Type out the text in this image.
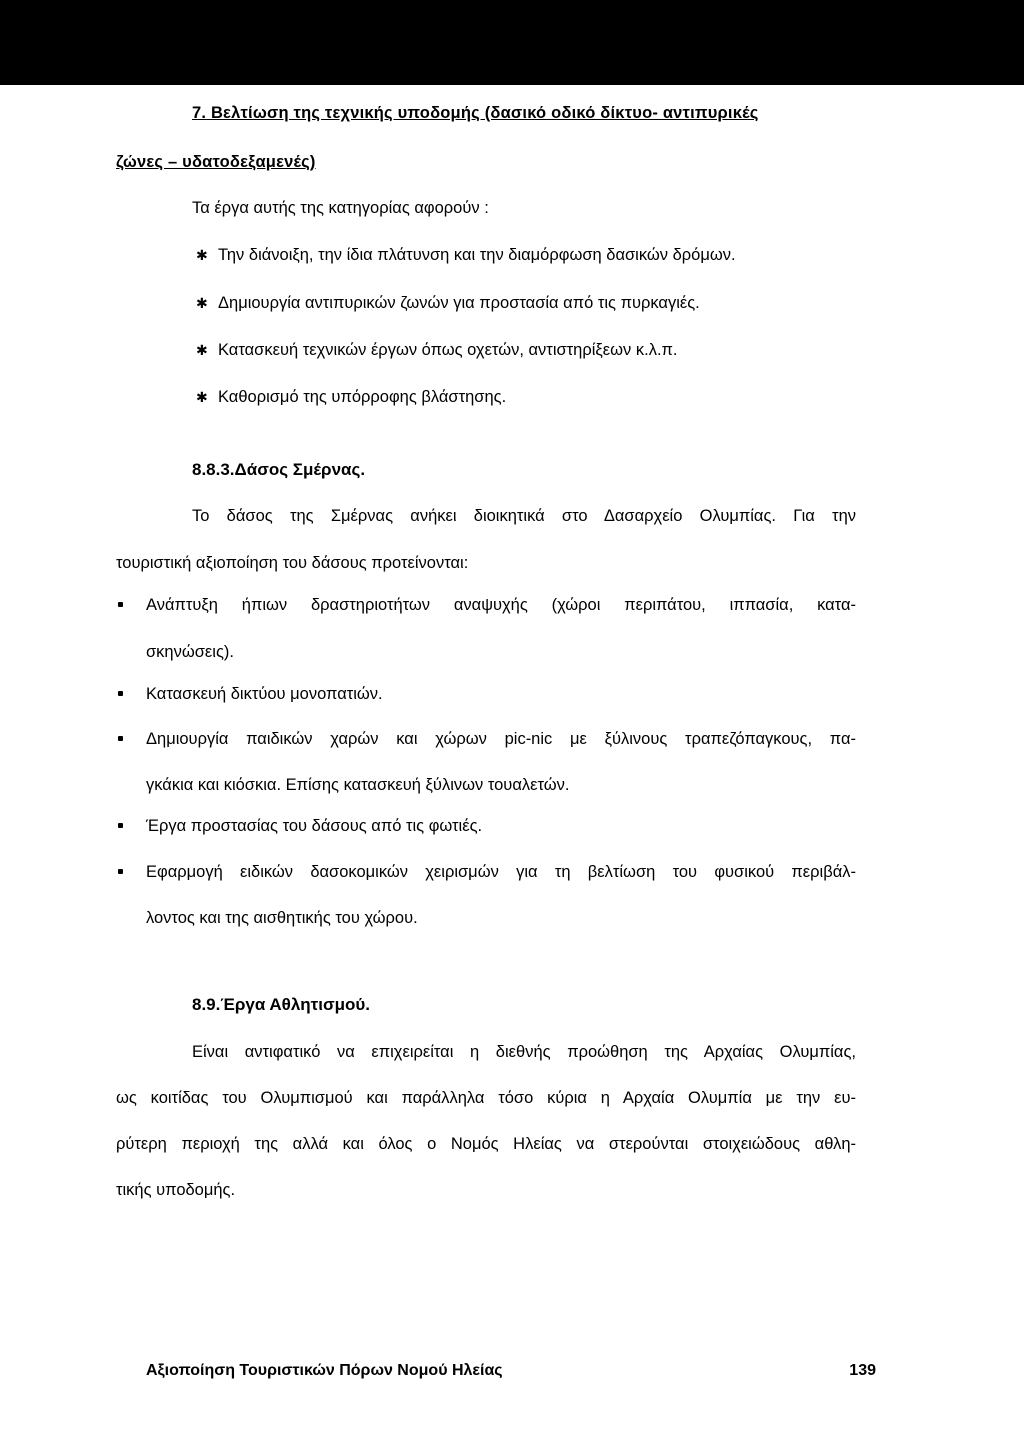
7. Βελτίωση της τεχνικής υποδομής (δασικό οδικό δίκτυο- αντιπυρικές
ζώνες – υδατοδεξαμενές)
Τα έργα αυτής της κατηγορίας αφορούν :
✱ Την διάνοιξη, την ίδια πλάτυνση και την διαμόρφωση δασικών δρόμων.
✱ Δημιουργία αντιπυρικών ζωνών για προστασία από τις πυρκαγιές.
✱ Κατασκευή τεχνικών έργων όπως οχετών, αντιστηρίξεων κ.λ.π.
✱ Καθορισμό της υπόρροφης βλάστησης.
8.8.3.Δάσος Σμέρνας.
Το δάσος της Σμέρνας ανήκει διοικητικά στο Δασαρχείο Ολυμπίας. Για την
τουριστική αξιοποίηση του δάσους προτείνονται:
Ανάπτυξη ήπιων δραστηριοτήτων αναψυχής (χώροι περιπάτου, ιππασία, κατα-
σκηνώσεις).
Κατασκευή δικτύου μονοπατιών.
Δημιουργία παιδικών χαρών και χώρων pic-nic με ξύλινους τραπεζόπαγκους, πα-
γκάκια και κιόσκια. Επίσης κατασκευή ξύλινων τουαλετών.
Έργα προστασίας του δάσους από τις φωτιές.
Εφαρμογή ειδικών δασοκομικών χειρισμών για τη βελτίωση του φυσικού περιβάλ-
λοντος και της αισθητικής του χώρου.
8.9.Έργα Αθλητισμού.
Είναι αντιφατικό να επιχειρείται η διεθνής προώθηση της Αρχαίας Ολυμπίας,
ως κοιτίδας του Ολυμπισμού και παράλληλα τόσο κύρια η Αρχαία Ολυμπία με την ευ-
ρύτερη περιοχή της αλλά και όλος ο Νομός Ηλείας να στερούνται στοιχειώδους αθλη-
τικής υποδομής.
Αξιοποίηση Τουριστικών Πόρων Νομού Ηλείας	139
